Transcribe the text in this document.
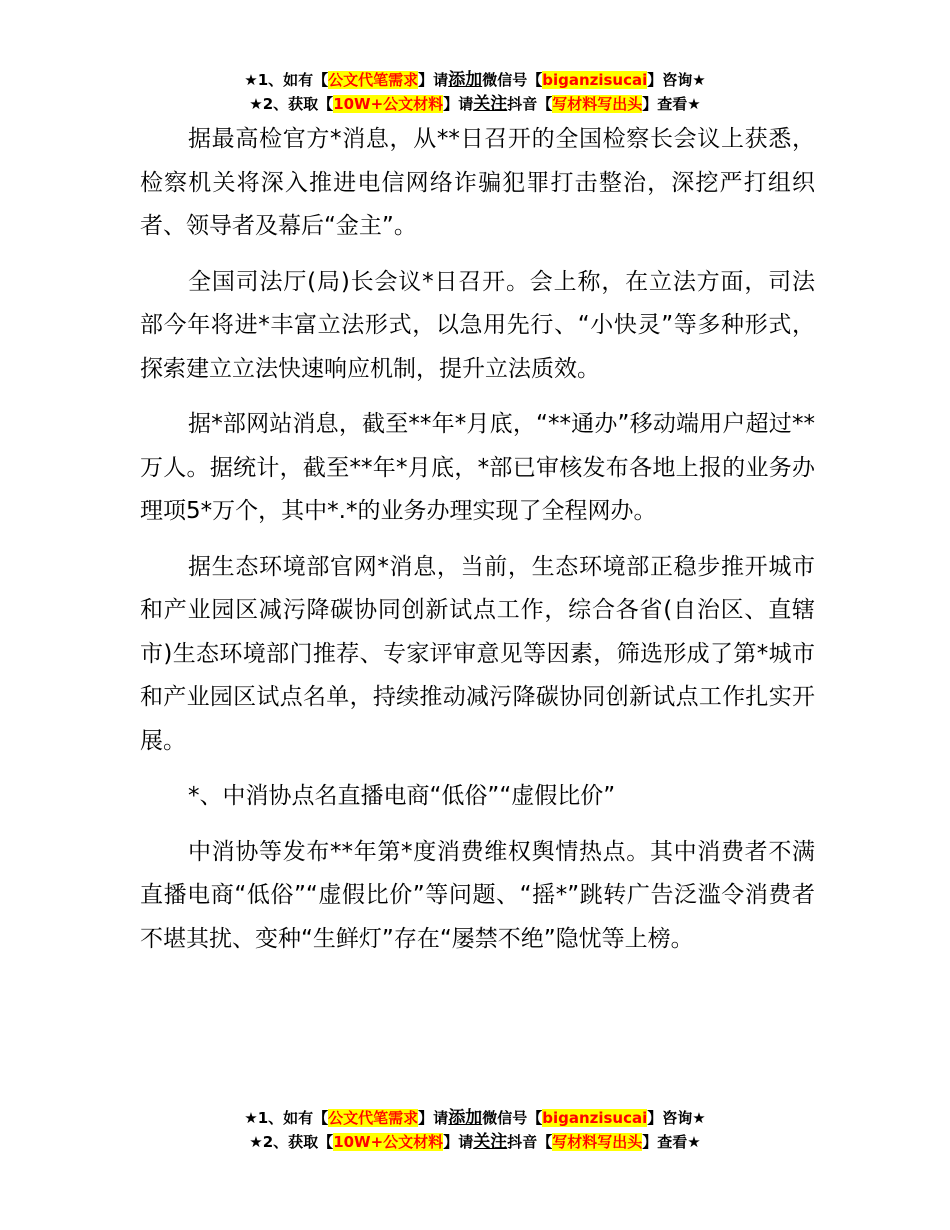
★1、如有【公文代笔需求】请添加微信号【biganzisucai】咨询★
★2、获取【10W+公文材料】请关注抖音【写材料写出头】查看★

据最高检官方*消息，从**日召开的全国检察长会议上获悉，检察机关将深入推进电信网络诈骗犯罪打击整治，深挖严打组织者、领导者及幕后“金主”。

全国司法厅(局)长会议*日召开。会上称，在立法方面，司法部今年将进*丰富立法形式，以急用先行、“小快灵”等多种形式，探索建立立法快速响应机制，提升立法质效。

据*部网站消息，截至**年*月底，“**通办”移动端用户超过**万人。据统计，截至**年*月底，*部已审核发布各地上报的业务办理项5*万个，其中*.*的业务办理实现了全程网办。

据生态环境部官网*消息，当前，生态环境部正稳步推开城市和产业园区减污降碳协同创新试点工作，综合各省(自治区、直辖市)生态环境部门推荐、专家评审意见等因素，筛选形成了第*城市和产业园区试点名单，持续推动减污降碳协同创新试点工作扎实开展。

*、中消协点名直播电商“低俗”“虚假比价”

中消协等发布**年第*度消费维权舆情热点。其中消费者不满直播电商“低俗”“虚假比价”等问题、“摇*”跳转广告泛滥令消费者不堪其扰、变种“生鲜灯”存在“屡禁不绝”隐忧等上榜。

★1、如有【公文代笔需求】请添加微信号【biganzisucai】咨询★
★2、获取【10W+公文材料】请关注抖音【写材料写出头】查看★
